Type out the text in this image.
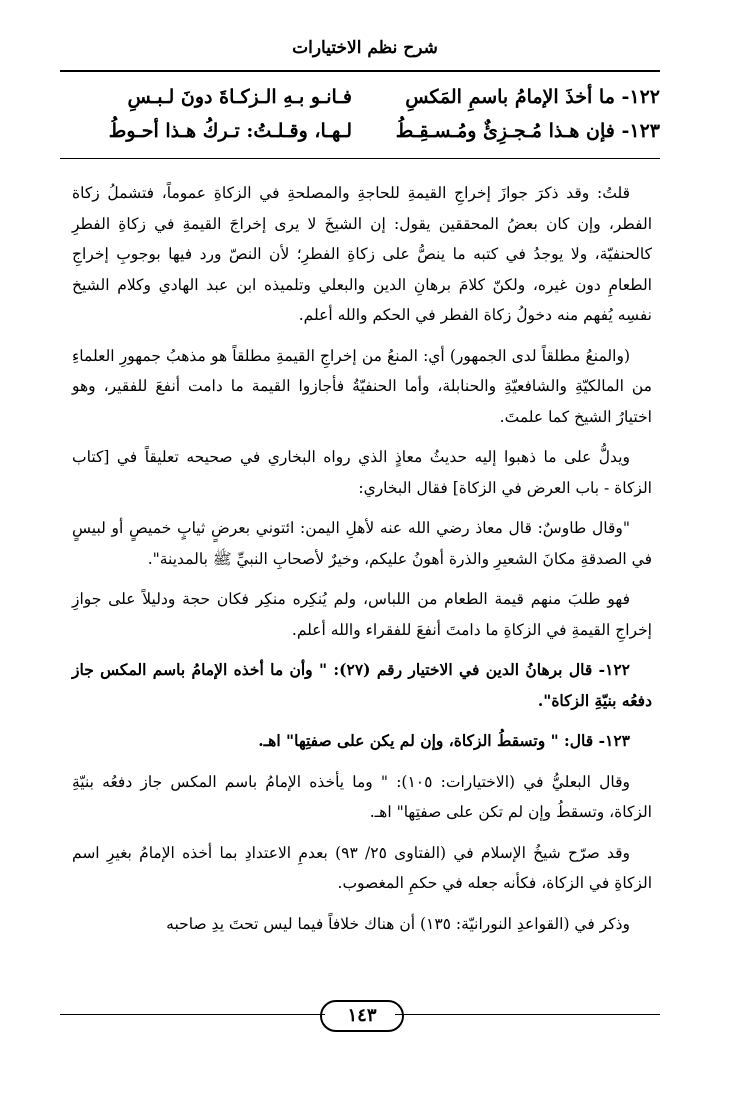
شرح نظم الاختيارات
١٢٢- ما أخذَ الإمامُ باسمِ المَكسِ
فـانـو بـهِ الـزكـاةَ دونَ لـبـسِ
١٢٣- فإن هـذا مُـجـزِئٌ ومُـسـقِـطُ
لـهـا، وقـلـتُ: تـركُ هـذا أحـوطُ

قلتُ: وقد ذكرَ جوازَ إخراجِ القيمةِ للحاجةِ والمصلحةِ في الزكاةِ عموماً، فتشملُ زكاة الفطر، وإن كان بعضُ المحققين يقول: إن الشيخَ لا يرى إخراجَ القيمةِ في زكاةِ الفطرِ كالحنفيّة، ولا يوجدُ في كتبه ما ينصُّ على زكاةِ الفطرِ؛ لأن النصّ ورد فيها بوجوبِ إخراجِ الطعامِ دون غيره، ولكنّ كلامَ برهانِ الدين والبعلي وتلميذه ابن عبد الهادي وكلام الشيخ نفسِه يُفهم منه دخولُ زكاة الفطر في الحكم والله أعلم.

(والمنعُ مطلقاً لدى الجمهور) أي: المنعُ من إخراجِ القيمةِ مطلقاً هو مذهبُ جمهورِ العلماءِ من المالكيّةِ والشافعيّةِ والحنابلة، وأما الحنفيّةُ فأجازوا القيمة ما دامت أنفعَ للفقير، وهو اختيارُ الشيخ كما علمتَ.

ويدلُّ على ما ذهبوا إليه حديثُ معاذٍ الذي رواه البخاري في صحيحه تعليقاً في [كتاب الزكاة - باب العرض في الزكاة] فقال البخاري:

"وقال طاوسٌ: قال معاذ رضي الله عنه لأهلِ اليمن: ائتوني بعرضٍ ثيابٍ خميصٍ أو لبيسٍ في الصدقةِ مكانَ الشعيرِ والذرة أهونُ عليكم، وخيرٌ لأصحابِ النبيِّ ﷺ بالمدينة".

فهو طلبَ منهم قيمة الطعام من اللباس، ولم يُنكِره منكِر فكان حجة ودليلاً على جوازِ إخراجِ القيمةِ في الزكاةِ ما دامتَ أنفعَ للفقراء والله أعلم.

١٢٢- قال برهانُ الدين في الاختيار رقم (٢٧): " وأن ما أخذه الإمامُ باسم المكس جاز دفعُه بنيّةِ الزكاة".

١٢٣- قال: " وتسقطُ الزكاة، وإن لم يكن على صفتِها" اهـ.

وقال البعليُّ في (الاختيارات: ١٠٥): " وما يأخذه الإمامُ باسم المكس جاز دفعُه بنيّةِ الزكاة، وتسقطُ وإن لم تكن على صفتِها" اهـ.

وقد صرّح شيخُ الإسلام في (الفتاوى ٢٥/ ٩٣) بعدمِ الاعتدادِ بما أخذه الإمامُ بغيرِ اسم الزكاةِ في الزكاة، فكأنه جعله في حكمِ المغصوب.

وذكر في (القواعدِ النورانيّة: ١٣٥) أن هناك خلافاً فيما ليس تحتَ يدِ صاحبه

١٤٣
